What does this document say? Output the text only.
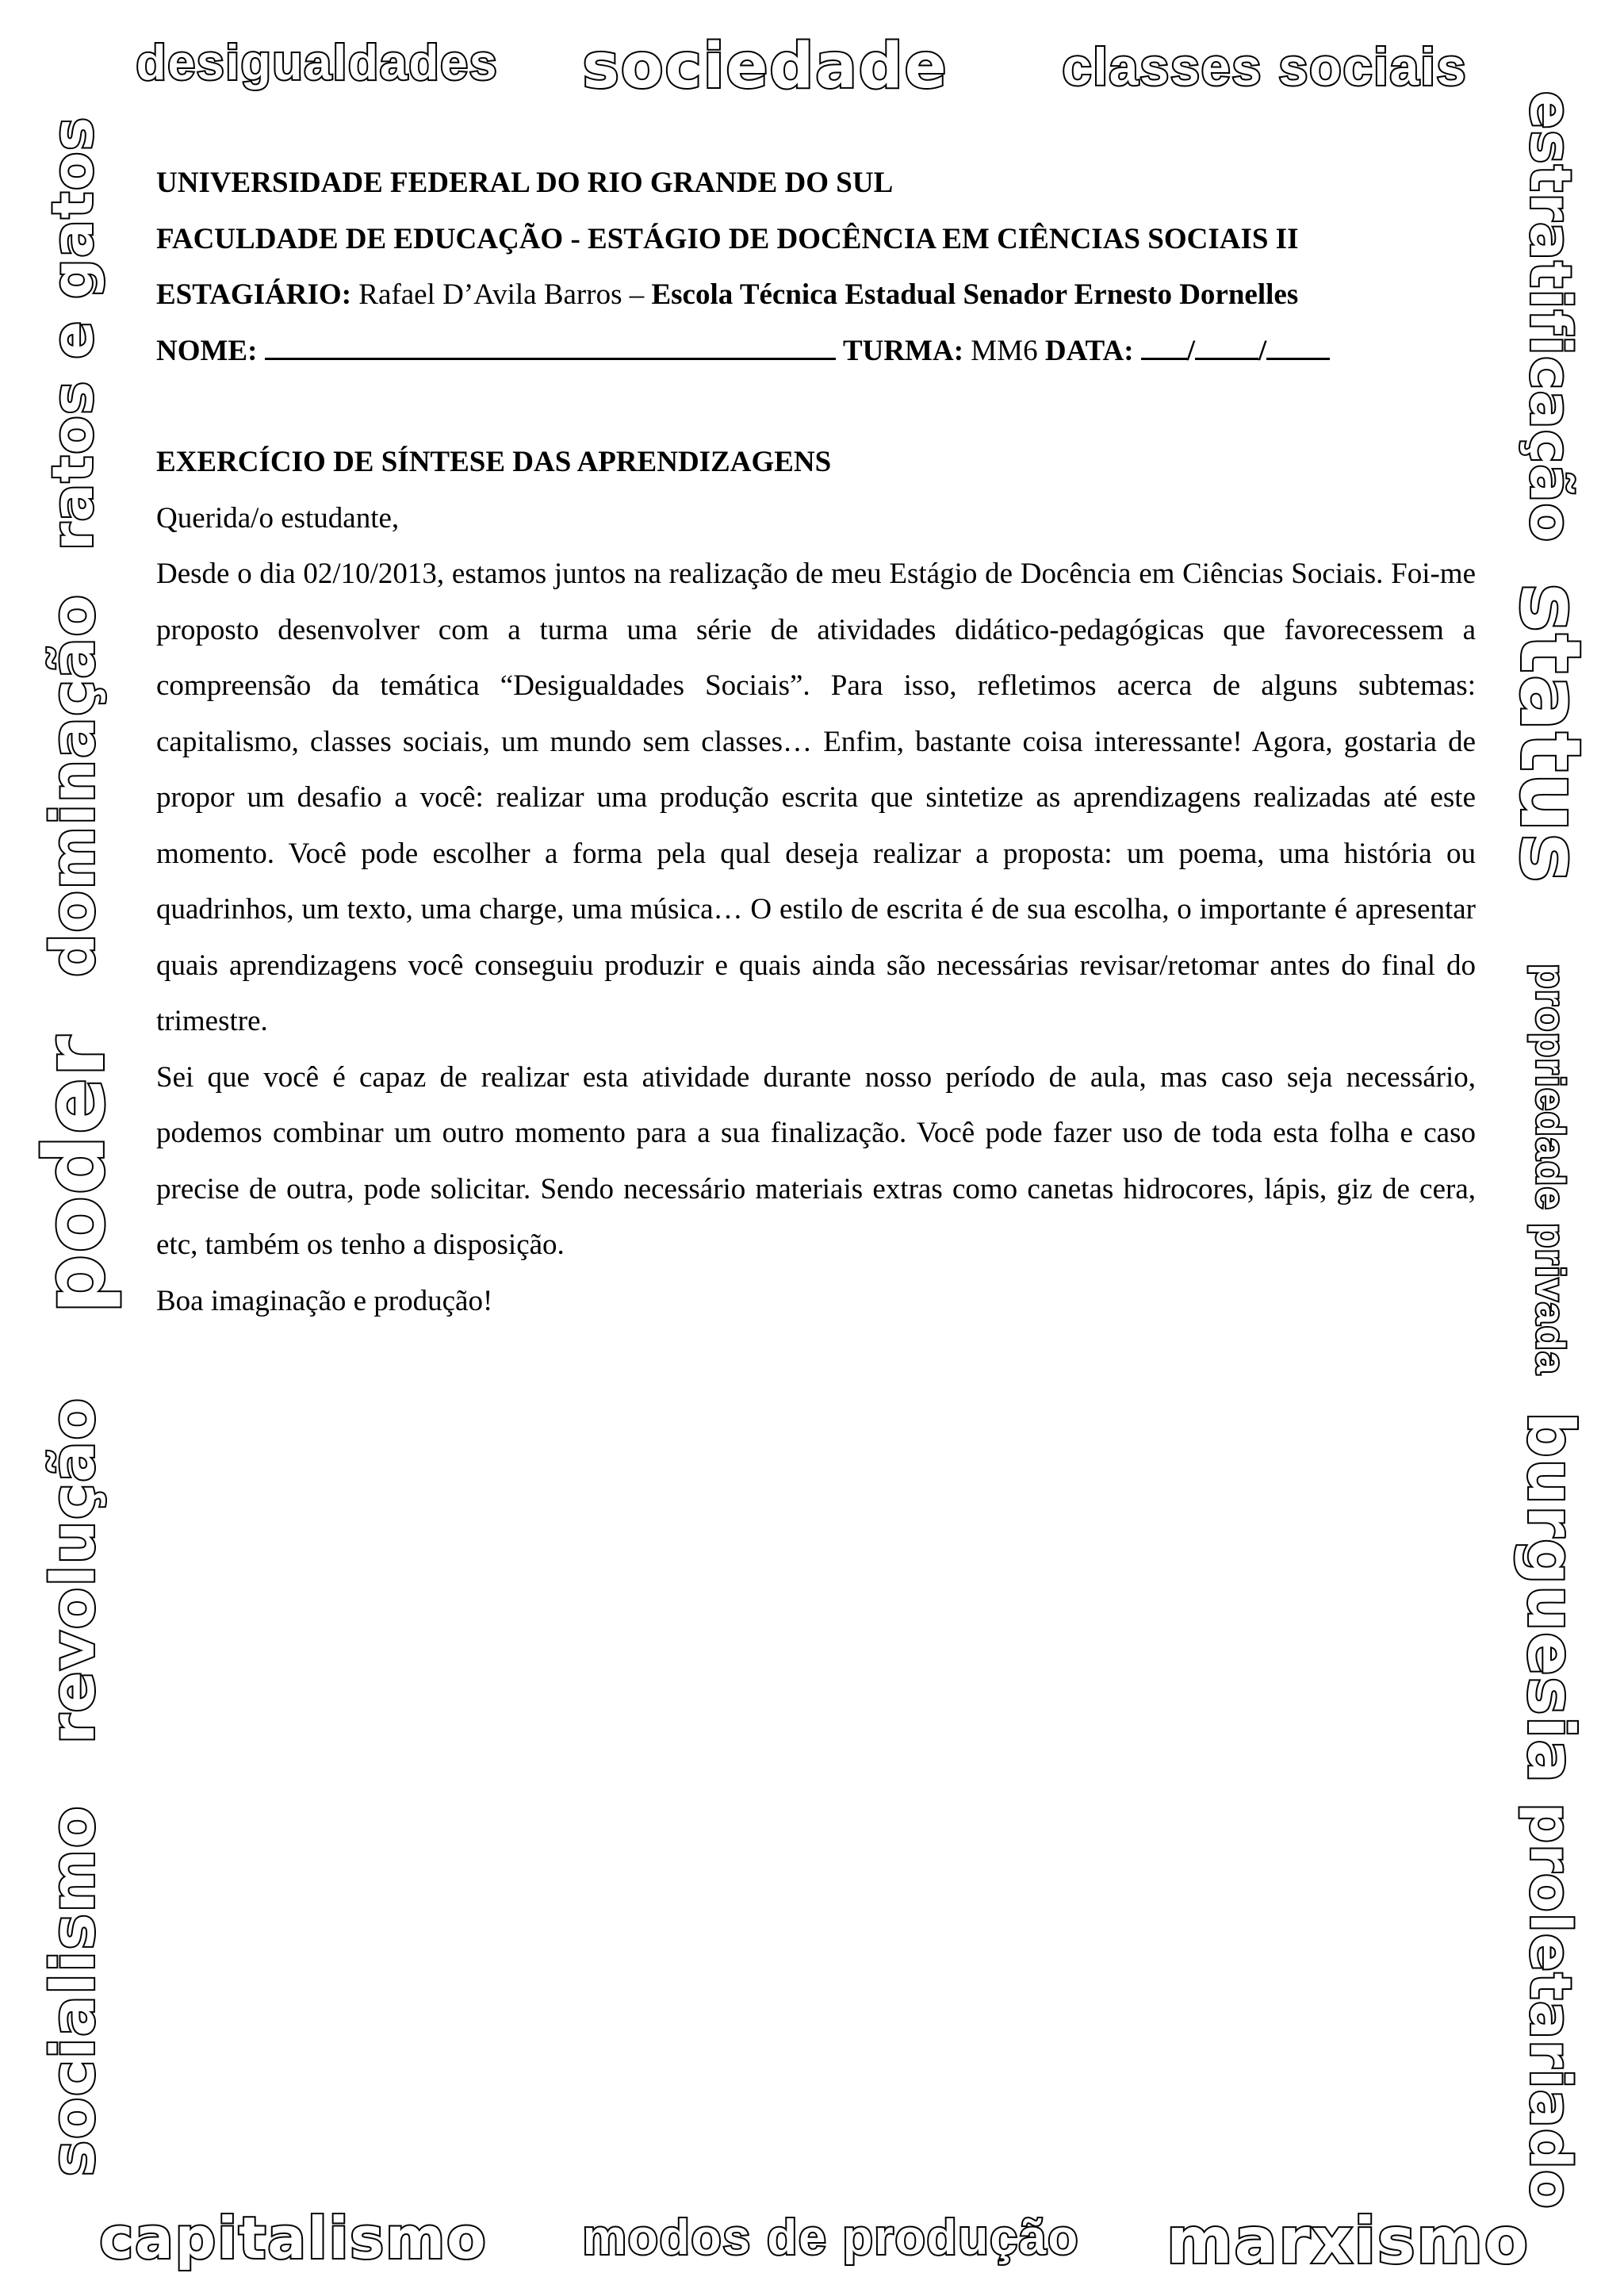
desigualdades sociedade classes sociais
capitalismo modos de produção marxismo
ratos e gatos
dominação
poder
revolução
socialismo
estratificação
status
propriedade privada
burguesia
proletariado

UNIVERSIDADE FEDERAL DO RIO GRANDE DO SUL

FACULDADE DE EDUCAÇÃO - ESTÁGIO DE DOCÊNCIA EM CIÊNCIAS SOCIAIS II

ESTAGIÁRIO: Rafael D’Avila Barros – Escola Técnica Estadual Senador Ernesto Dornelles

NOME:	TURMA: MM6 DATA: / /

EXERCÍCIO DE SÍNTESE DAS APRENDIZAGENS

Querida/o estudante,

Desde o dia 02/10/2013, estamos juntos na realização de meu Estágio de Docência em Ciências Sociais. Foi-me proposto desenvolver com a turma uma série de atividades didático-pedagógicas que favorecessem a compreensão da temática “Desigualdades Sociais”. Para isso, refletimos acerca de alguns subtemas: capitalismo, classes sociais, um mundo sem classes… Enfim, bastante coisa interessante! Agora, gostaria de propor um desafio a você: realizar uma produção escrita que sintetize as aprendizagens realizadas até este momento. Você pode escolher a forma pela qual deseja realizar a proposta: um poema, uma história ou quadrinhos, um texto, uma charge, uma música… O estilo de escrita é de sua escolha, o importante é apresentar quais aprendizagens você conseguiu produzir e quais ainda são necessárias revisar/retomar antes do final do trimestre.

Sei que você é capaz de realizar esta atividade durante nosso período de aula, mas caso seja necessário, podemos combinar um outro momento para a sua finalização. Você pode fazer uso de toda esta folha e caso precise de outra, pode solicitar. Sendo necessário materiais extras como canetas hidrocores, lápis, giz de cera, etc, também os tenho a disposição.

Boa imaginação e produção!
